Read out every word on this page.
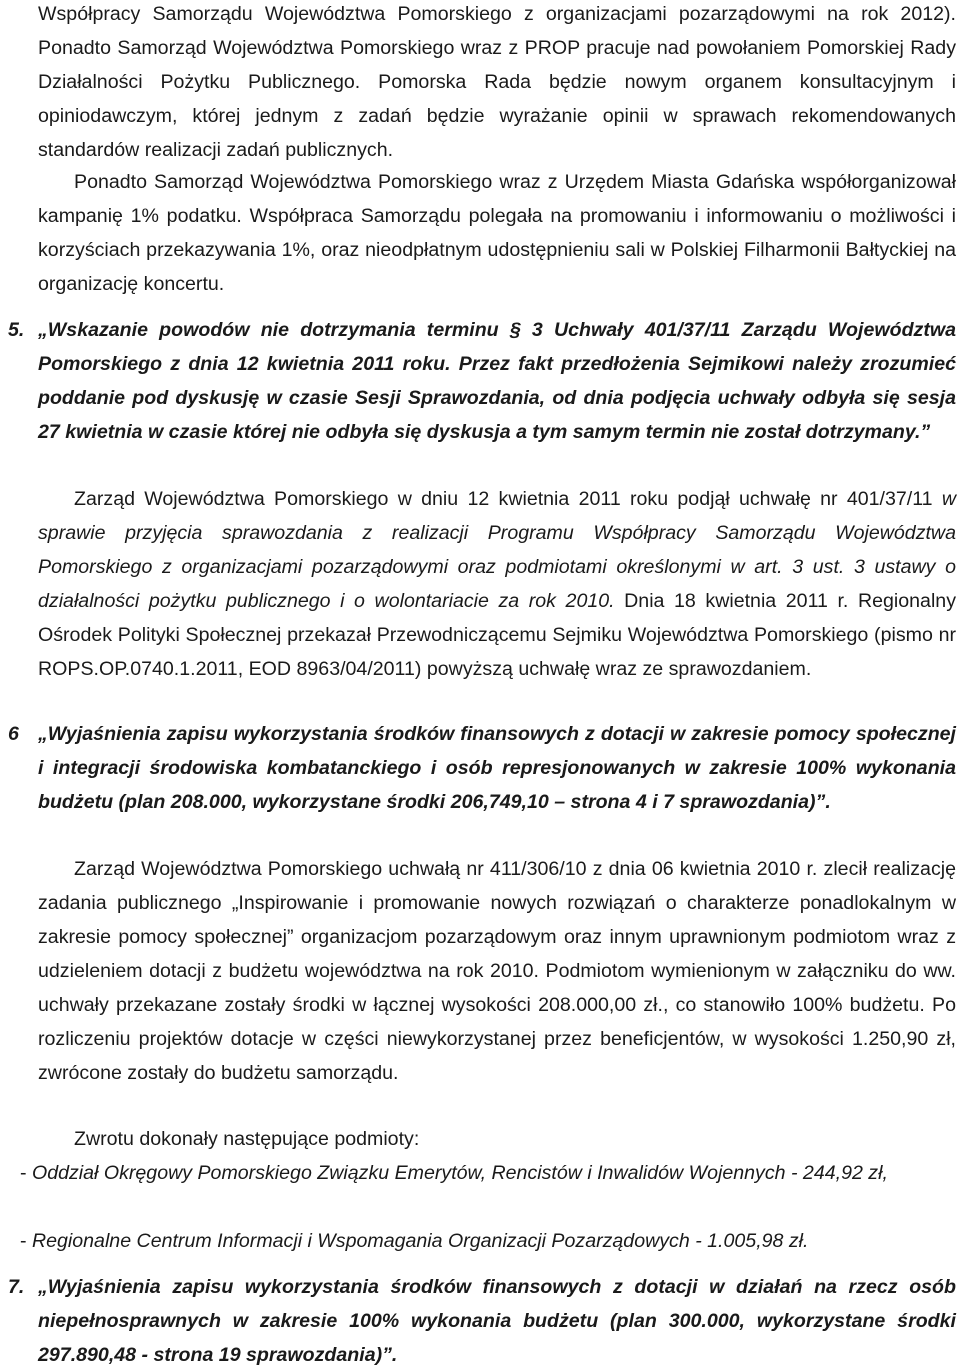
Współpracy Samorządu Województwa Pomorskiego z organizacjami pozarządowymi na rok 2012). Ponadto Samorząd Województwa Pomorskiego wraz z PROP pracuje nad powołaniem Pomorskiej Rady Działalności Pożytku Publicznego. Pomorska Rada będzie nowym organem konsultacyjnym i opiniodawczym, której jednym z zadań będzie wyrażanie opinii w sprawach rekomendowanych standardów realizacji zadań publicznych.

Ponadto Samorząd Województwa Pomorskiego wraz z Urzędem Miasta Gdańska współorganizował kampanię 1% podatku. Współpraca Samorządu polegała na promowaniu i informowaniu o możliwości i korzyściach przekazywania 1%, oraz nieodpłatnym udostępnieniu sali w Polskiej Filharmonii Bałtyckiej na organizację koncertu.

5. „Wskazanie powodów nie dotrzymania terminu § 3 Uchwały 401/37/11 Zarządu Województwa Pomorskiego z dnia 12 kwietnia 2011 roku. Przez fakt przedłożenia Sejmikowi należy zrozumieć poddanie pod dyskusję w czasie Sesji Sprawozdania, od dnia podjęcia uchwały odbyła się sesja 27 kwietnia w czasie której nie odbyła się dyskusja a tym samym termin nie został dotrzymany.”

Zarząd Województwa Pomorskiego w dniu 12 kwietnia 2011 roku podjął uchwałę nr 401/37/11 w sprawie przyjęcia sprawozdania z realizacji Programu Współpracy Samorządu Województwa Pomorskiego z organizacjami pozarządowymi oraz podmiotami określonymi w art. 3 ust. 3 ustawy o działalności pożytku publicznego i o wolontariacie za rok 2010. Dnia 18 kwietnia 2011 r. Regionalny Ośrodek Polityki Społecznej przekazał Przewodniczącemu Sejmiku Województwa Pomorskiego (pismo nr ROPS.OP.0740.1.2011, EOD 8963/04/2011) powyższą uchwałę wraz ze sprawozdaniem.

6 „Wyjaśnienia zapisu wykorzystania środków finansowych z dotacji w zakresie pomocy społecznej i integracji środowiska kombatanckiego i osób represjonowanych w zakresie 100% wykonania budżetu (plan 208.000, wykorzystane środki 206,749,10 – strona 4 i 7 sprawozdania)”.

Zarząd Województwa Pomorskiego uchwałą nr 411/306/10 z dnia 06 kwietnia 2010 r. zlecił realizację zadania publicznego „Inspirowanie i promowanie nowych rozwiązań o charakterze ponadlokalnym w zakresie pomocy społecznej” organizacjom pozarządowym oraz innym uprawnionym podmiotom wraz z udzieleniem dotacji z budżetu województwa na rok 2010. Podmiotom wymienionym w załączniku do ww. uchwały przekazane zostały środki w łącznej wysokości 208.000,00 zł., co stanowiło 100% budżetu. Po rozliczeniu projektów dotacje w części niewykorzystanej przez beneficjentów, w wysokości 1.250,90 zł, zwrócone zostały do budżetu samorządu.

Zwrotu dokonały następujące podmioty:

- Oddział Okręgowy Pomorskiego Związku Emerytów, Rencistów i Inwalidów Wojennych - 244,92 zł,
- Regionalne Centrum Informacji i Wspomagania Organizacji Pozarządowych - 1.005,98 zł.
7. „Wyjaśnienia zapisu wykorzystania środków finansowych z dotacji w działań na rzecz osób niepełnosprawnych w zakresie 100% wykonania budżetu (plan 300.000, wykorzystane środki 297.890,48 - strona 19 sprawozdania)”.
